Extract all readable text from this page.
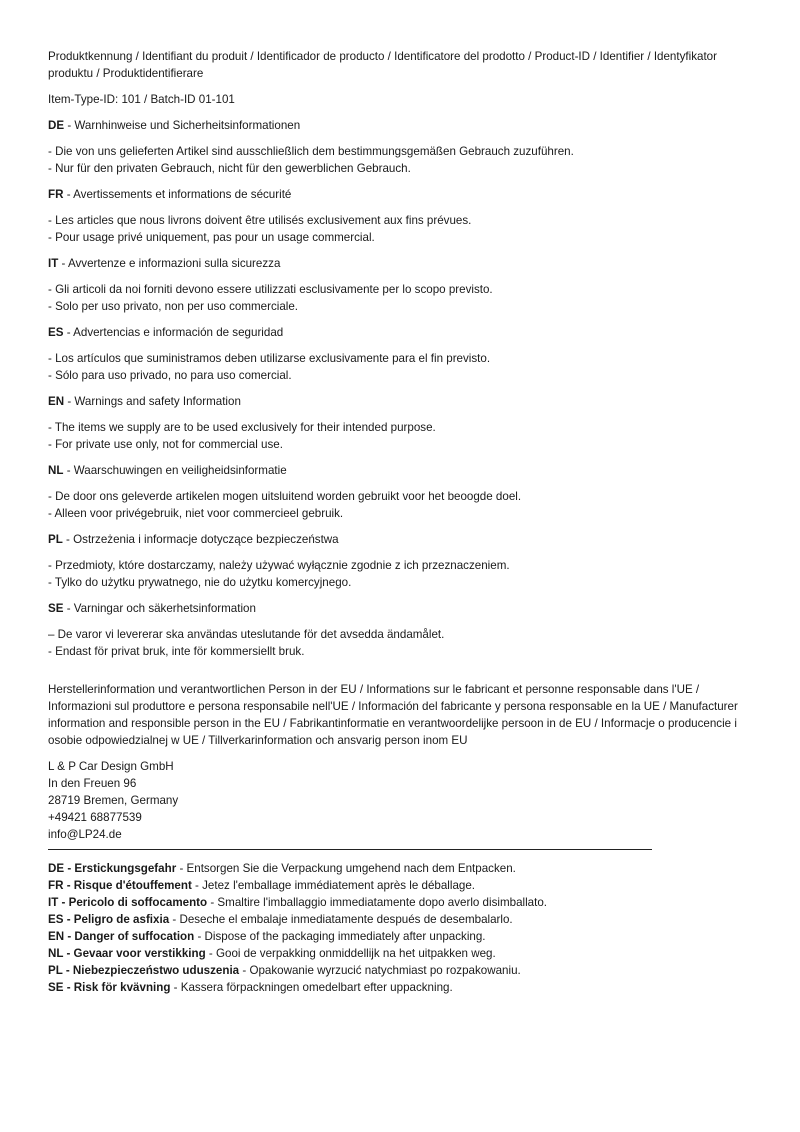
Produktkennung / Identifiant du produit / Identificador de producto / Identificatore del prodotto / Product-ID / Identifier / Identyfikator produktu / Produktidentifierare

Item-Type-ID: 101 / Batch-ID 01-101

DE - Warnhinweise und Sicherheitsinformationen

- Die von uns gelieferten Artikel sind ausschließlich dem bestimmungsgemäßen Gebrauch zuzuführen.

- Nur für den privaten Gebrauch, nicht für den gewerblichen Gebrauch.

FR - Avertissements et informations de sécurité

- Les articles que nous livrons doivent être utilisés exclusivement aux fins prévues.

- Pour usage privé uniquement, pas pour un usage commercial.

IT - Avvertenze e informazioni sulla sicurezza

- Gli articoli da noi forniti devono essere utilizzati esclusivamente per lo scopo previsto.

- Solo per uso privato, non per uso commerciale.

ES - Advertencias e información de seguridad

- Los artículos que suministramos deben utilizarse exclusivamente para el fin previsto.

- Sólo para uso privado, no para uso comercial.

EN - Warnings and safety Information

- The items we supply are to be used exclusively for their intended purpose.

- For private use only, not for commercial use.

NL - Waarschuwingen en veiligheidsinformatie

- De door ons geleverde artikelen mogen uitsluitend worden gebruikt voor het beoogde doel.

- Alleen voor privégebruik, niet voor commercieel gebruik.

PL - Ostrzeżenia i informacje dotyczące bezpieczeństwa

- Przedmioty, które dostarczamy, należy używać wyłącznie zgodnie z ich przeznaczeniem.

- Tylko do użytku prywatnego, nie do użytku komercyjnego.

SE - Varningar och säkerhetsinformation

– De varor vi levererar ska användas uteslutande för det avsedda ändamålet.

- Endast för privat bruk, inte för kommersiellt bruk.

Herstellerinformation und verantwortlichen Person in der EU / Informations sur le fabricant et personne responsable dans l'UE / Informazioni sul produttore e persona responsabile nell'UE / Información del fabricante y persona responsable en la UE / Manufacturer information and responsible person in the EU / Fabrikantinformatie en verantwoordelijke persoon in de EU / Informacje o producencie i osobie odpowiedzialnej w UE / Tillverkarinformation och ansvarig person inom EU

L & P Car Design GmbH

In den Freuen 96

28719 Bremen, Germany

+49421 68877539

info@LP24.de

DE - Erstickungsgefahr - Entsorgen Sie die Verpackung umgehend nach dem Entpacken.

FR - Risque d'étouffement - Jetez l'emballage immédiatement après le déballage.

IT - Pericolo di soffocamento - Smaltire l'imballaggio immediatamente dopo averlo disimballato.

ES - Peligro de asfixia - Deseche el embalaje inmediatamente después de desembalarlo.

EN - Danger of suffocation - Dispose of the packaging immediately after unpacking.

NL - Gevaar voor verstikking - Gooi de verpakking onmiddellijk na het uitpakken weg.

PL - Niebezpieczeństwo uduszenia - Opakowanie wyrzucić natychmiast po rozpakowaniu.

SE - Risk för kvävning - Kassera förpackningen omedelbart efter uppackning.
